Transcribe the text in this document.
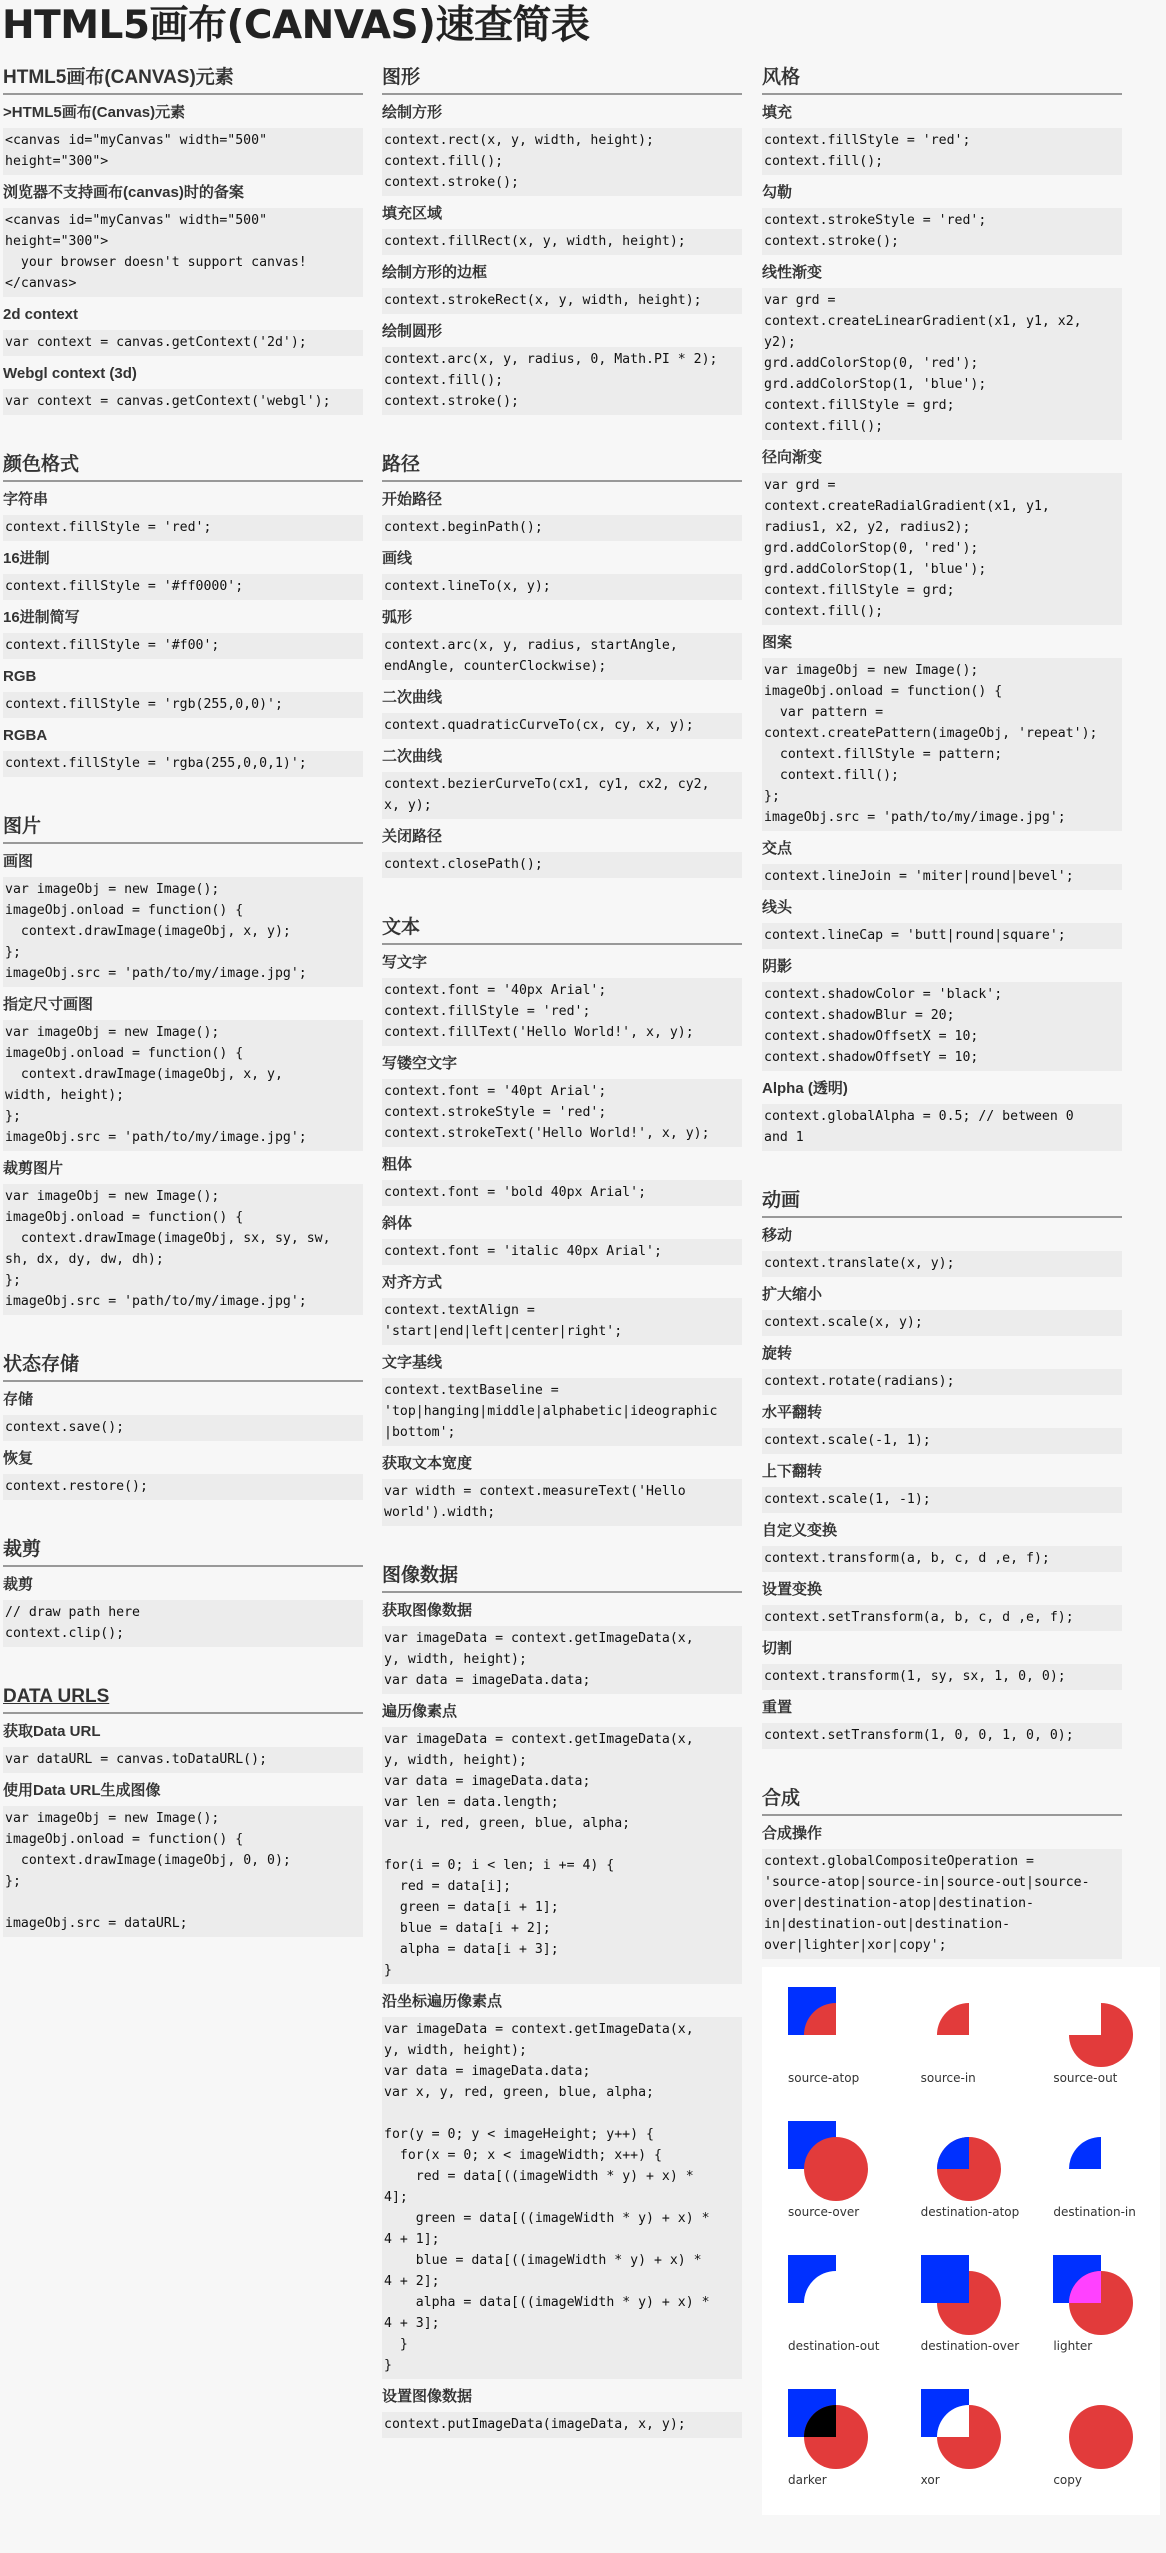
HTML5画布(CANVAS)速查简表
HTML5画布(CANVAS)元素
>HTML5画布(Canvas)元素
<canvas id="myCanvas" width="500"
height="300">
浏览器不支持画布(canvas)时的备案
<canvas id="myCanvas" width="500"
height="300">
your browser doesn't support canvas!
</canvas>
2d context
var context = canvas.getContext('2d');
Webgl context (3d)
var context = canvas.getContext('webgl');
颜色格式
字符串
context.fillStyle = 'red';
16进制
context.fillStyle = '#ff0000';
16进制简写
context.fillStyle = '#f00';
RGB
context.fillStyle = 'rgb(255,0,0)';
RGBA
context.fillStyle = 'rgba(255,0,0,1)';
图片
画图
var imageObj = new Image();
imageObj.onload = function() {
context.drawImage(imageObj, x, y);
};
imageObj.src = 'path/to/my/image.jpg';
指定尺寸画图
var imageObj = new Image();
imageObj.onload = function() {
context.drawImage(imageObj, x, y,
width, height);
};
imageObj.src = 'path/to/my/image.jpg';
裁剪图片
var imageObj = new Image();
imageObj.onload = function() {
context.drawImage(imageObj, sx, sy, sw,
sh, dx, dy, dw, dh);
};
imageObj.src = 'path/to/my/image.jpg';
状态存储
存储
context.save();
恢复
context.restore();
裁剪
裁剪
// draw path here
context.clip();
DATA URLS
获取Data URL
var dataURL = canvas.toDataURL();
使用Data URL生成图像
var imageObj = new Image();
imageObj.onload = function() {
context.drawImage(imageObj, 0, 0);
};

imageObj.src = dataURL;
图形
绘制方形
context.rect(x, y, width, height);
context.fill();
context.stroke();
填充区域
context.fillRect(x, y, width, height);
绘制方形的边框
context.strokeRect(x, y, width, height);
绘制圆形
context.arc(x, y, radius, 0, Math.PI * 2);
context.fill();
context.stroke();
路径
开始路径
context.beginPath();
画线
context.lineTo(x, y);
弧形
context.arc(x, y, radius, startAngle,
endAngle, counterClockwise);
二次曲线
context.quadraticCurveTo(cx, cy, x, y);
二次曲线
context.bezierCurveTo(cx1, cy1, cx2, cy2,
x, y);
关闭路径
context.closePath();
文本
写文字
context.font = '40px Arial';
context.fillStyle = 'red';
context.fillText('Hello World!', x, y);
写镂空文字
context.font = '40pt Arial';
context.strokeStyle = 'red';
context.strokeText('Hello World!', x, y);
粗体
context.font = 'bold 40px Arial';
斜体
context.font = 'italic 40px Arial';
对齐方式
context.textAlign =
'start|end|left|center|right';
文字基线
context.textBaseline =
'top|hanging|middle|alphabetic|ideographic
|bottom';
获取文本宽度
var width = context.measureText('Hello
world').width;
图像数据
获取图像数据
var imageData = context.getImageData(x,
y, width, height);
var data = imageData.data;
遍历像素点
var imageData = context.getImageData(x,
y, width, height);
var data = imageData.data;
var len = data.length;
var i, red, green, blue, alpha;

for(i = 0; i < len; i += 4) {
red = data[i];
green = data[i + 1];
blue = data[i + 2];
alpha = data[i + 3];
}
沿坐标遍历像素点
var imageData = context.getImageData(x,
y, width, height);
var data = imageData.data;
var x, y, red, green, blue, alpha;

for(y = 0; y < imageHeight; y++) {
for(x = 0; x < imageWidth; x++) {
red = data[((imageWidth * y) + x) *
4];
green = data[((imageWidth * y) + x) *
4 + 1];
blue = data[((imageWidth * y) + x) *
4 + 2];
alpha = data[((imageWidth * y) + x) *
4 + 3];
}
}
设置图像数据
context.putImageData(imageData, x, y);
风格
填充
context.fillStyle = 'red';
context.fill();
勾勒
context.strokeStyle = 'red';
context.stroke();
线性渐变
var grd =
context.createLinearGradient(x1, y1, x2,
y2);
grd.addColorStop(0, 'red');
grd.addColorStop(1, 'blue');
context.fillStyle = grd;
context.fill();
径向渐变
var grd =
context.createRadialGradient(x1, y1,
radius1, x2, y2, radius2);
grd.addColorStop(0, 'red');
grd.addColorStop(1, 'blue');
context.fillStyle = grd;
context.fill();
图案
var imageObj = new Image();
imageObj.onload = function() {
var pattern =
context.createPattern(imageObj, 'repeat');
context.fillStyle = pattern;
context.fill();
};
imageObj.src = 'path/to/my/image.jpg';
交点
context.lineJoin = 'miter|round|bevel';
线头
context.lineCap = 'butt|round|square';
阴影
context.shadowColor = 'black';
context.shadowBlur = 20;
context.shadowOffsetX = 10;
context.shadowOffsetY = 10;
Alpha (透明)
context.globalAlpha = 0.5; // between 0
and 1
动画
移动
context.translate(x, y);
扩大缩小
context.scale(x, y);
旋转
context.rotate(radians);
水平翻转
context.scale(-1, 1);
上下翻转
context.scale(1, -1);
自定义变换
context.transform(a, b, c, d ,e, f);
设置变换
context.setTransform(a, b, c, d ,e, f);
切割
context.transform(1, sy, sx, 1, 0, 0);
重置
context.setTransform(1, 0, 0, 1, 0, 0);
合成
合成操作
context.globalCompositeOperation =
'source-atop|source-in|source-out|source-
over|destination-atop|destination-
in|destination-out|destination-
over|lighter|xor|copy';
source-atop	source-in	source-out
source-over	destination-atop	destination-in
destination-out	destination-over	lighter
darker	xor	copy
